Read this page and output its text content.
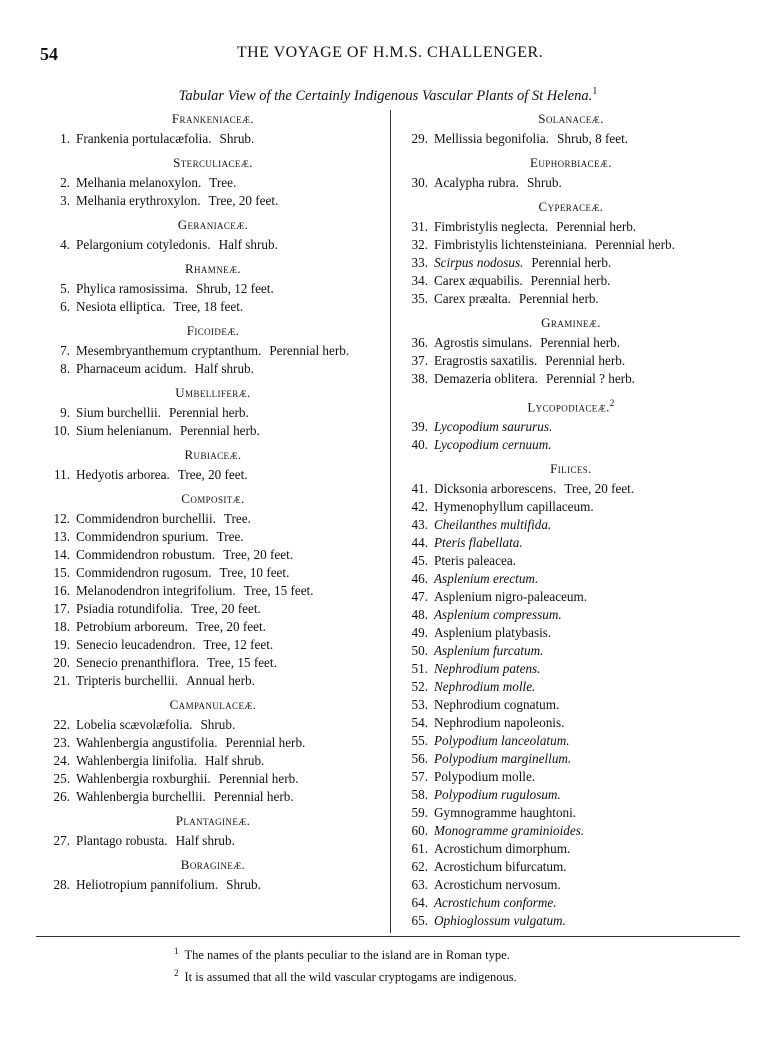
54	THE VOYAGE OF H.M.S. CHALLENGER.
Tabular View of the Certainly Indigenous Vascular Plants of St Helena.$^1$
Frankeniaceæ.
1. Frankenia portulacæfolia. Shrub.
Sterculiaceæ.
2. Melhania melanoxylon. Tree.
3. Melhania erythroxylon. Tree, 20 feet.
Geraniaceæ.
4. Pelargonium cotyledonis. Half shrub.
Rhamneæ.
5. Phylica ramosissima. Shrub, 12 feet.
6. Nesiota elliptica. Tree, 18 feet.
Ficoideæ.
7. Mesembryanthemum cryptanthum. Perennial herb.
8. Pharnaceum acidum. Half shrub.
Umbelliferæ.
9. Sium burchellii. Perennial herb.
10. Sium helenianum. Perennial herb.
Rubiaceæ.
11. Hedyotis arborea. Tree, 20 feet.
Compositæ.
12. Commidendron burchellii. Tree.
13. Commidendron spurium. Tree.
14. Commidendron robustum. Tree, 20 feet.
15. Commidendron rugosum. Tree, 10 feet.
16. Melanodendron integrifolium. Tree, 15 feet.
17. Psiadia rotundifolia. Tree, 20 feet.
18. Petrobium arboreum. Tree, 20 feet.
19. Senecio leucadendron. Tree, 12 feet.
20. Senecio prenanthiflora. Tree, 15 feet.
21. Tripteris burchellii. Annual herb.
Campanulaceæ.
22. Lobelia scævolæfolia. Shrub.
23. Wahlenbergia angustifolia. Perennial herb.
24. Wahlenbergia linifolia. Half shrub.
25. Wahlenbergia roxburghii. Perennial herb.
26. Wahlenbergia burchellii. Perennial herb.
Plantagineæ.
27. Plantago robusta. Half shrub.
Boragineæ.
28. Heliotropium pannifolium. Shrub.
Solanaceæ.
29. Mellissia begonifolia. Shrub, 8 feet.
Euphorbiaceæ.
30. Acalypha rubra. Shrub.
Cyperaceæ.
31. Fimbristylis neglecta. Perennial herb.
32. Fimbristylis lichtensteiniana. Perennial herb.
33. Scirpus nodosus. Perennial herb.
34. Carex æquabilis. Perennial herb.
35. Carex præalta. Perennial herb.
Gramineæ.
36. Agrostis simulans. Perennial herb.
37. Eragrostis saxatilis. Perennial herb.
38. Demazeria oblitera. Perennial ? herb.
Lycopodiaceæ.$^2$
39. Lycopodium saururus.
40. Lycopodium cernuum.
Filices.
41. Dicksonia arborescens. Tree, 20 feet.
42. Hymenophyllum capillaceum.
43. Cheilanthes multifida.
44. Pteris flabellata.
45. Pteris paleacea.
46. Asplenium erectum.
47. Asplenium nigro-paleaceum.
48. Asplenium compressum.
49. Asplenium platybasis.
50. Asplenium furcatum.
51. Nephrodium patens.
52. Nephrodium molle.
53. Nephrodium cognatum.
54. Nephrodium napoleonis.
55. Polypodium lanceolatum.
56. Polypodium marginellum.
57. Polypodium molle.
58. Polypodium rugulosum.
59. Gymnogramme haughtoni.
60. Monogramme graminioides.
61. Acrostichum dimorphum.
62. Acrostichum bifurcatum.
63. Acrostichum nervosum.
64. Acrostichum conforme.
65. Ophioglossum vulgatum.
$^1$ The names of the plants peculiar to the island are in Roman type.
$^2$ It is assumed that all the wild vascular cryptogams are indigenous.
